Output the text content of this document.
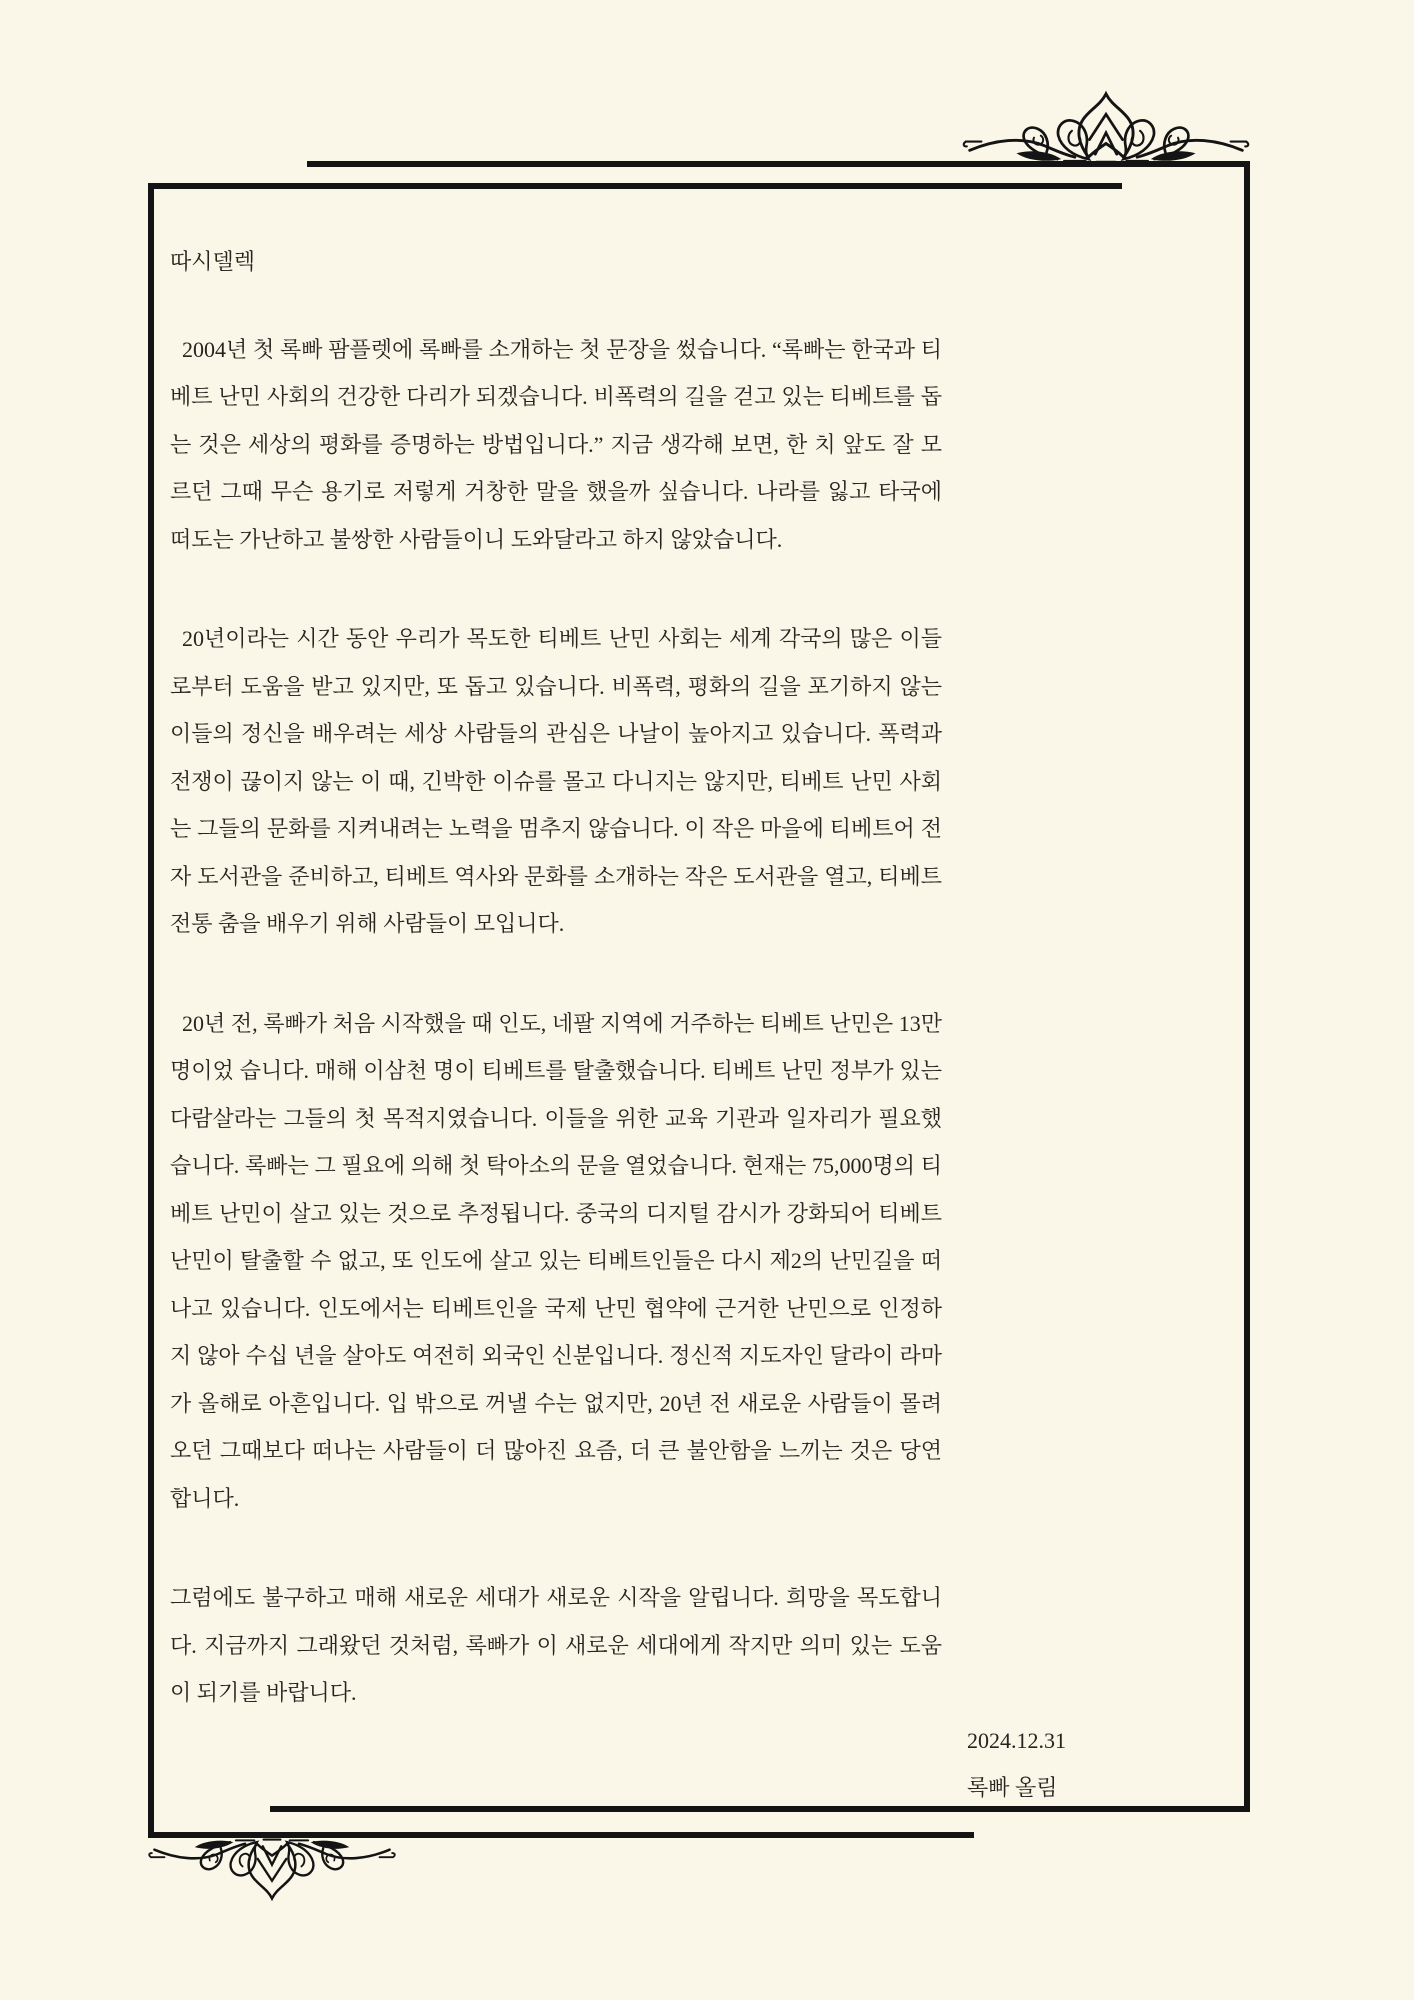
따시델렉

2004년 첫 록빠 팜플렛에 록빠를 소개하는 첫 문장을 썼습니다. “록빠는 한국과 티베트 난민 사회의 건강한 다리가 되겠습니다. 비폭력의 길을 걷고 있는 티베트를 돕는 것은 세상의 평화를 증명하는 방법입니다.” 지금 생각해 보면, 한 치 앞도 잘 모르던 그때 무슨 용기로 저렇게 거창한 말을 했을까 싶습니다. 나라를 잃고 타국에 떠도는 가난하고 불쌍한 사람들이니 도와달라고 하지 않았습니다.

20년이라는 시간 동안 우리가 목도한 티베트 난민 사회는 세계 각국의 많은 이들로부터 도움을 받고 있지만, 또 돕고 있습니다. 비폭력, 평화의 길을 포기하지 않는 이들의 정신을 배우려는 세상 사람들의 관심은 나날이 높아지고 있습니다. 폭력과 전쟁이 끊이지 않는 이 때, 긴박한 이슈를 몰고 다니지는 않지만, 티베트 난민 사회는 그들의 문화를 지켜내려는 노력을 멈추지 않습니다. 이 작은 마을에 티베트어 전자 도서관을 준비하고, 티베트 역사와 문화를 소개하는 작은 도서관을 열고, 티베트 전통 춤을 배우기 위해 사람들이 모입니다.

20년 전, 록빠가 처음 시작했을 때 인도, 네팔 지역에 거주하는 티베트 난민은 13만 명이었 습니다. 매해 이삼천 명이 티베트를 탈출했습니다. 티베트 난민 정부가 있는 다람살라는 그들의 첫 목적지였습니다. 이들을 위한 교육 기관과 일자리가 필요했습니다. 록빠는 그 필요에 의해 첫 탁아소의 문을 열었습니다. 현재는 75,000명의 티베트 난민이 살고 있는 것으로 추정됩니다. 중국의 디지털 감시가 강화되어 티베트 난민이 탈출할 수 없고, 또 인도에 살고 있는 티베트인들은 다시 제2의 난민길을 떠나고 있습니다. 인도에서는 티베트인을 국제 난민 협약에 근거한 난민으로 인정하지 않아 수십 년을 살아도 여전히 외국인 신분입니다. 정신적 지도자인 달라이 라마가 올해로 아흔입니다. 입 밖으로 꺼낼 수는 없지만, 20년 전 새로운 사람들이 몰려오던 그때보다 떠나는 사람들이 더 많아진 요즘, 더 큰 불안함을 느끼는 것은 당연합니다.

그럼에도 불구하고 매해 새로운 세대가 새로운 시작을 알립니다. 희망을 목도합니다. 지금까지 그래왔던 것처럼, 록빠가 이 새로운 세대에게 작지만 의미 있는 도움이 되기를 바랍니다.

2024.12.31
록빠 올림
